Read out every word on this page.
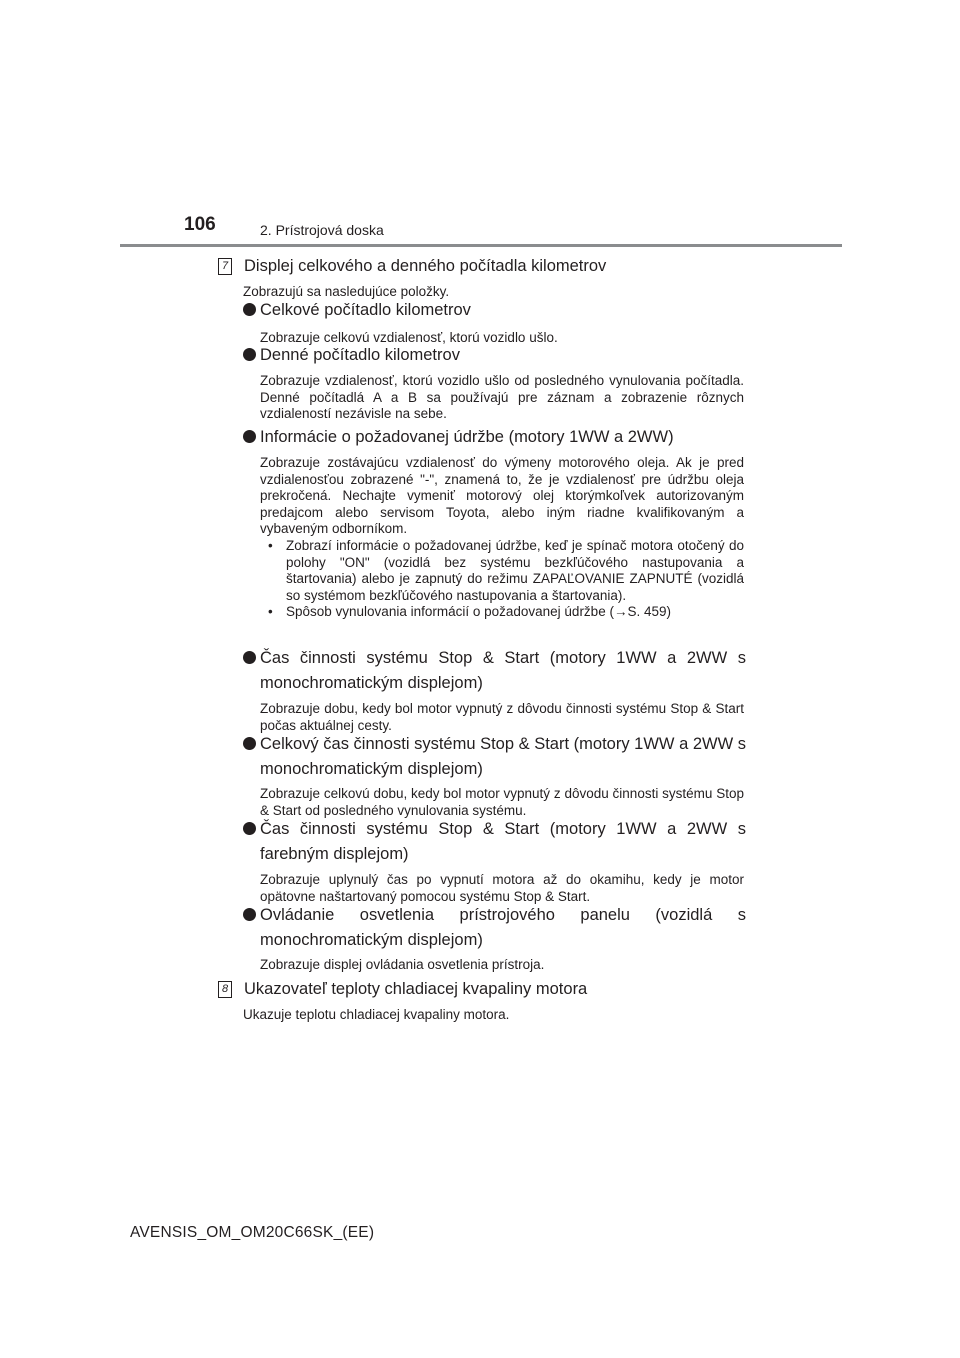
106	2. Prístrojová doska
7 Displej celkového a denného počítadla kilometrov
Zobrazujú sa nasledujúce položky.
Celkové počítadlo kilometrov
Zobrazuje celkovú vzdialenosť, ktorú vozidlo ušlo.
Denné počítadlo kilometrov
Zobrazuje vzdialenosť, ktorú vozidlo ušlo od posledného vynulovania počítadla. Denné počítadlá A a B sa používajú pre záznam a zobrazenie rôznych vzdialeností nezávisle na sebe.
Informácie o požadovanej údržbe (motory 1WW a 2WW)
Zobrazuje zostávajúcu vzdialenosť do výmeny motorového oleja. Ak je pred vzdialenosťou zobrazené "-", znamená to, že je vzdialenosť pre údržbu oleja prekročená. Nechajte vymeniť motorový olej ktorýmkoľvek autorizovaným predajcom alebo servisom Toyota, alebo iným riadne kvalifikovaným a vybaveným odborníkom.
• Zobrazí informácie o požadovanej údržbe, keď je spínač motora otočený do polohy "ON" (vozidlá bez systému bezkľúčového nastupovania a štartovania) alebo je zapnutý do režimu ZAPAĽOVANIE ZAPNUTÉ (vozidlá so systémom bezkľúčového nastupovania a štartovania).
• Spôsob vynulovania informácií o požadovanej údržbe (→S. 459)
Čas činnosti systému Stop & Start (motory 1WW a 2WW s monochromatickým displejom)
Zobrazuje dobu, kedy bol motor vypnutý z dôvodu činnosti systému Stop & Start počas aktuálnej cesty.
Celkový čas činnosti systému Stop & Start (motory 1WW a 2WW s monochromatickým displejom)
Zobrazuje celkovú dobu, kedy bol motor vypnutý z dôvodu činnosti systému Stop & Start od posledného vynulovania systému.
Čas činnosti systému Stop & Start (motory 1WW a 2WW s farebným displejom)
Zobrazuje uplynulý čas po vypnutí motora až do okamihu, kedy je motor opätovne naštartovaný pomocou systému Stop & Start.
Ovládanie osvetlenia prístrojového panelu (vozidlá s monochromatickým displejom)
Zobrazuje displej ovládania osvetlenia prístroja.
8 Ukazovateľ teploty chladiacej kvapaliny motora
Ukazuje teplotu chladiacej kvapaliny motora.
AVENSIS_OM_OM20C66SK_(EE)
